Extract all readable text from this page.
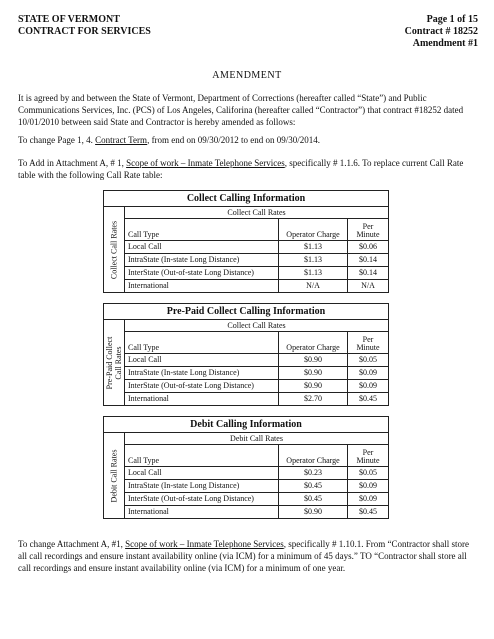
STATE OF VERMONT
CONTRACT FOR SERVICES
Page 1 of 15
Contract # 18252
Amendment #1
AMENDMENT
It is agreed by and between the State of Vermont, Department of Corrections (hereafter called “State”) and Public Communications Services, Inc. (PCS) of Los Angeles, Califorina (hereafter called “Contractor”) that contract #18252 dated 10/01/2010 between said State and Contractor is hereby amended as follows:
To change Page 1, 4. Contract Term, from end on 09/30/2012 to end on 09/30/2014.
To Add in Attachment A, # 1, Scope of work – Inmate Telephone Services, specifically # 1.1.6. To replace current Call Rate table with the following Call Rate table:
Collect Calling Information
Collect Call Rates
Collect Call Rates
Call Type	Operator Charge	Per Minute
Local Call	$1.13	$0.06
IntraState (In-state Long Distance)	$1.13	$0.14
InterState (Out-of-state Long Distance)	$1.13	$0.14
International	N/A	N/A
Pre-Paid Collect Calling Information
Pre-Paid Collect Call Rates
Collect Call Rates
Call Type	Operator Charge	Per Minute
Local Call	$0.90	$0.05
IntraState (In-state Long Distance)	$0.90	$0.09
InterState (Out-of-state Long Distance)	$0.90	$0.09
International	$2.70	$0.45
Debit Calling Information
Debit Call Rates
Debit Call Rates
Call Type	Operator Charge	Per Minute
Local Call	$0.23	$0.05
IntraState (In-state Long Distance)	$0.45	$0.09
InterState (Out-of-state Long Distance)	$0.45	$0.09
International	$0.90	$0.45
To change Attachment A, #1, Scope of work – Inmate Telephone Services, specifically # 1.10.1. From “Contractor shall store all call recordings and ensure instant availability online (via ICM) for a minimum of 45 days.” TO “Contractor shall store all call recordings and ensure instant availability online (via ICM) for a minimum of one year.
